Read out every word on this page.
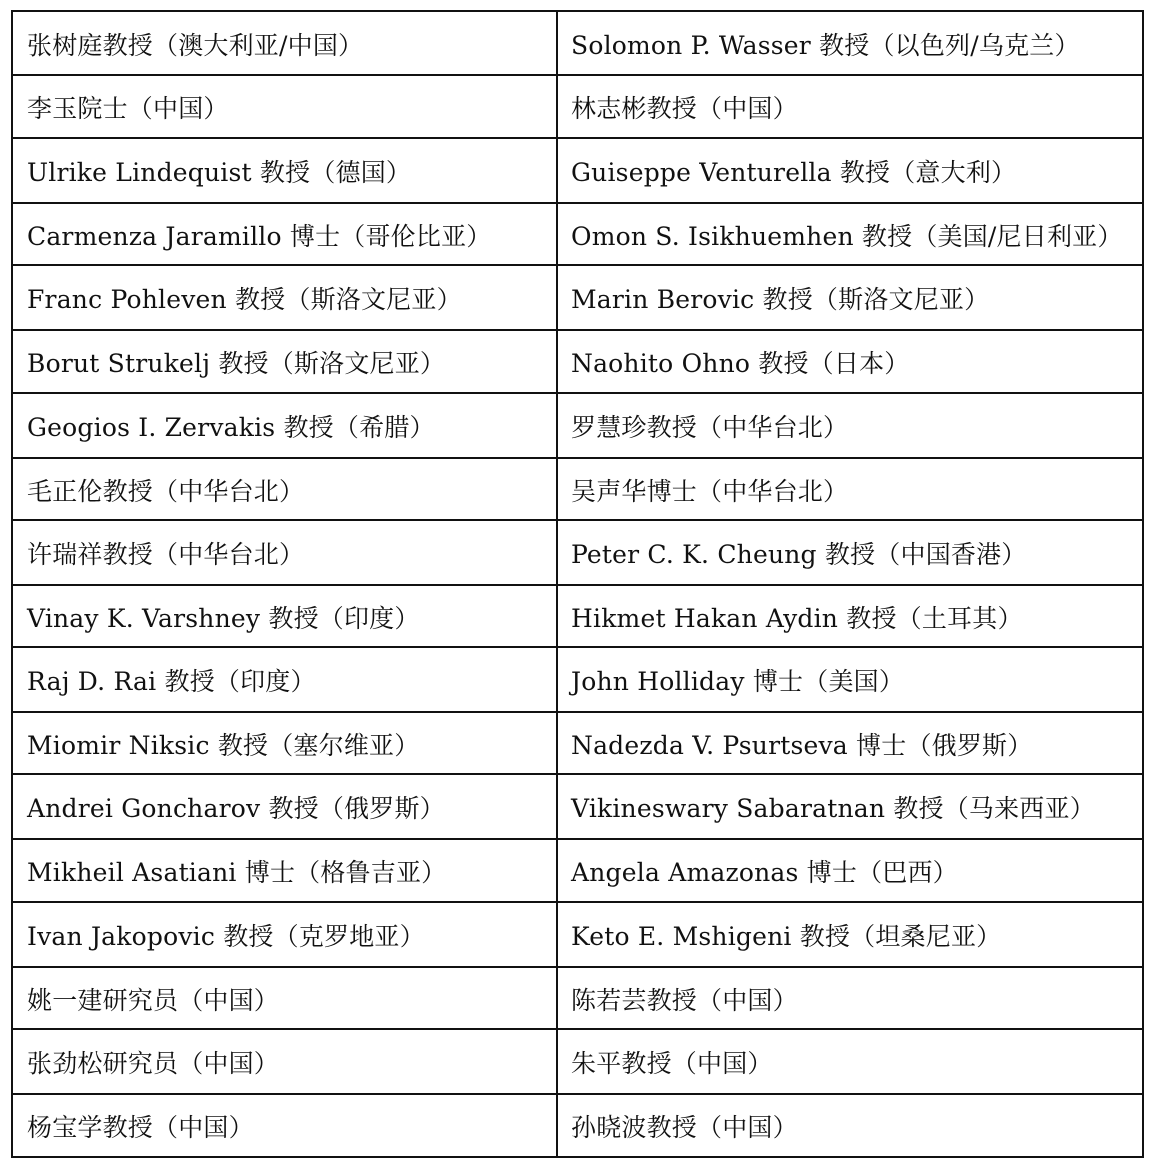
张树庭教授（澳大利亚/中国）	Solomon P. Wasser 教授（以色列/乌克兰）
李玉院士（中国）	林志彬教授（中国）
Ulrike Lindequist 教授（德国）	Guiseppe Venturella 教授（意大利）
Carmenza Jaramillo 博士（哥伦比亚）	Omon S. Isikhuemhen 教授（美国/尼日利亚）
Franc Pohleven 教授（斯洛文尼亚）	Marin Berovic 教授（斯洛文尼亚）
Borut Strukelj 教授（斯洛文尼亚）	Naohito Ohno 教授（日本）
Geogios I. Zervakis 教授（希腊）	罗慧珍教授（中华台北）
毛正伦教授（中华台北）	吴声华博士（中华台北）
许瑞祥教授（中华台北）	Peter C. K. Cheung 教授（中国香港）
Vinay K. Varshney 教授（印度）	Hikmet Hakan Aydin 教授（土耳其）
Raj D. Rai 教授（印度）	John Holliday 博士（美国）
Miomir Niksic 教授（塞尔维亚）	Nadezda V. Psurtseva 博士（俄罗斯）
Andrei Goncharov 教授（俄罗斯）	Vikineswary Sabaratnan 教授（马来西亚）
Mikheil Asatiani 博士（格鲁吉亚）	Angela Amazonas 博士（巴西）
Ivan Jakopovic 教授（克罗地亚）	Keto E. Mshigeni 教授（坦桑尼亚）
姚一建研究员（中国）	陈若芸教授（中国）
张劲松研究员（中国）	朱平教授（中国）
杨宝学教授（中国）	孙晓波教授（中国）
